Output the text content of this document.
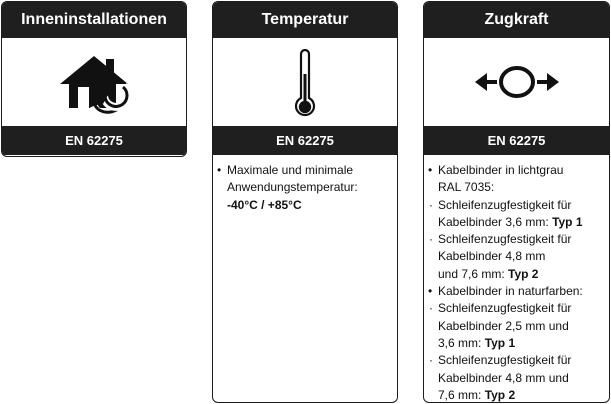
Inneninstallationen
EN 62275
Temperatur
EN 62275
• Maximale und minimale
Anwendungstemperatur:
-40°C / +85°C
Zugkraft
EN 62275
• Kabelbinder in lichtgrau
RAL 7035:
· Schleifenzugfestigkeit für
Kabelbinder 3,6 mm: Typ 1
· Schleifenzugfestigkeit für
Kabelbinder 4,8 mm
und 7,6 mm: Typ 2
• Kabelbinder in naturfarben:
· Schleifenzugfestigkeit für
Kabelbinder 2,5 mm und
3,6 mm: Typ 1
· Schleifenzugfestigkeit für
Kabelbinder 4,8 mm und
7,6 mm: Typ 2
